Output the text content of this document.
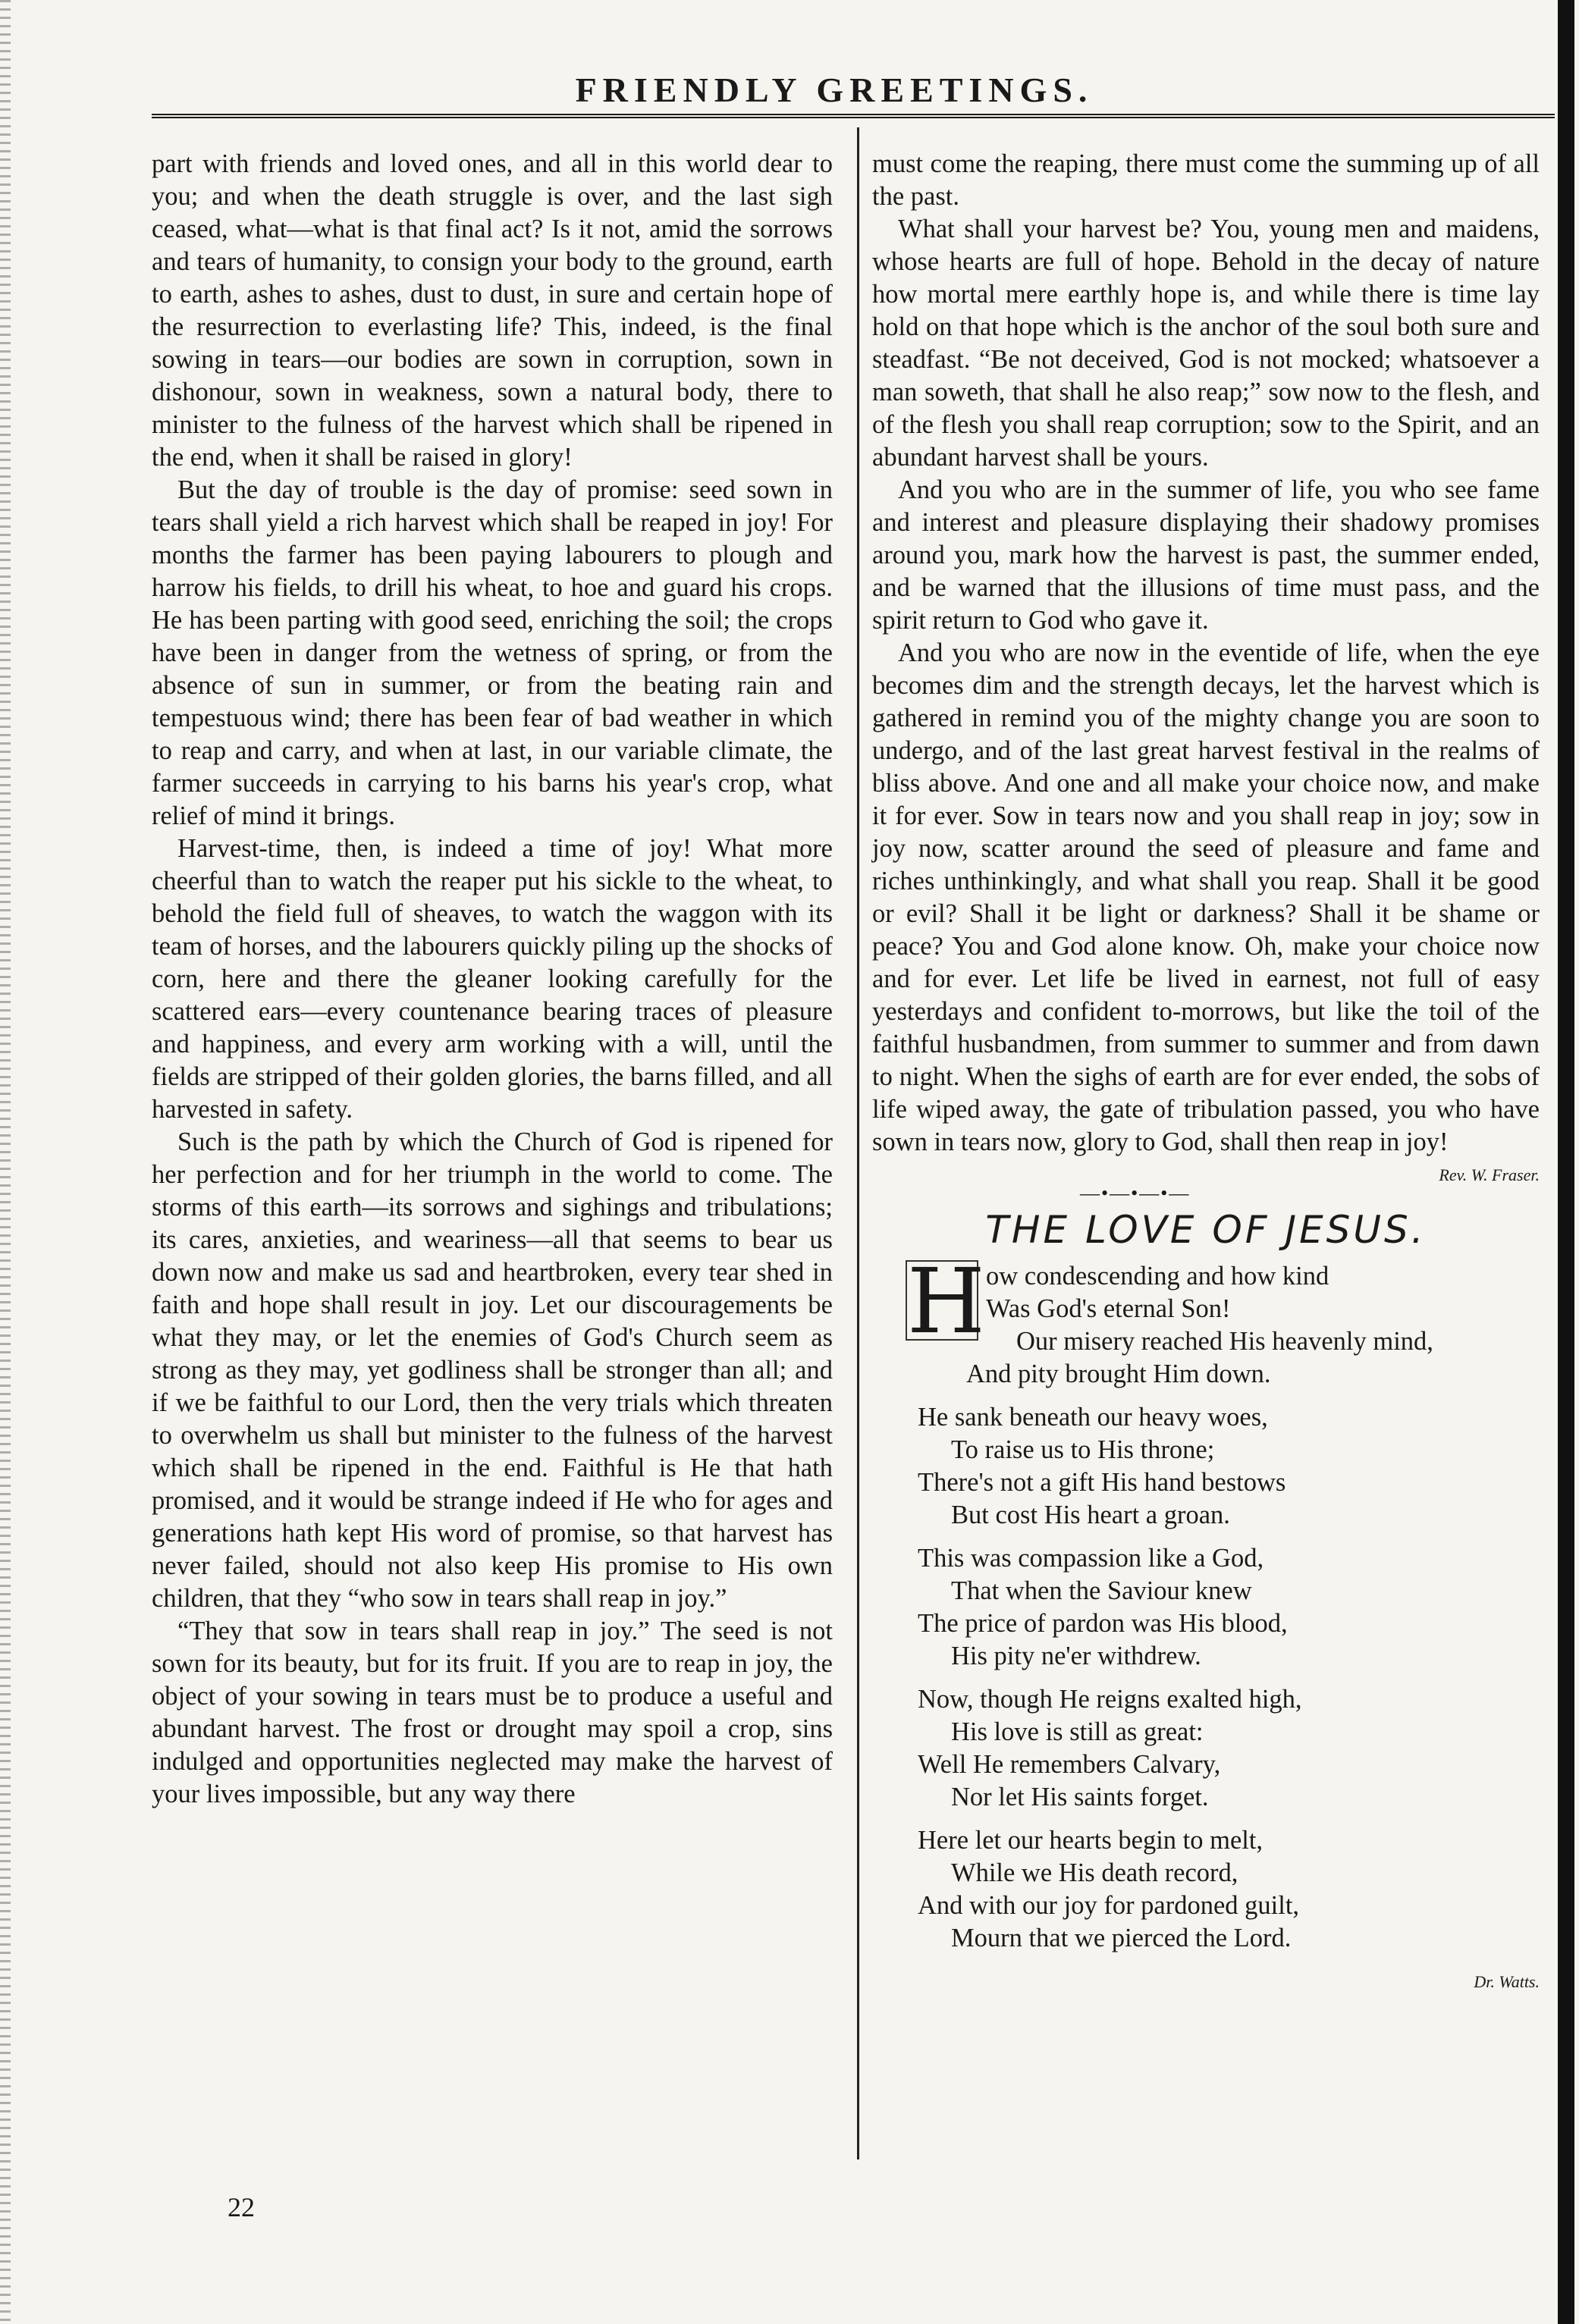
FRIENDLY GREETINGS.

part with friends and loved ones, and all in this world dear to you; and when the death struggle is over, and the last sigh ceased, what—what is that final act? Is it not, amid the sorrows and tears of humanity, to consign your body to the ground, earth to earth, ashes to ashes, dust to dust, in sure and certain hope of the resurrection to everlasting life? This, indeed, is the final sowing in tears—our bodies are sown in corruption, sown in dishonour, sown in weakness, sown a natural body, there to minister to the fulness of the harvest which shall be ripened in the end, when it shall be raised in glory!

But the day of trouble is the day of promise: seed sown in tears shall yield a rich harvest which shall be reaped in joy! For months the farmer has been paying labourers to plough and harrow his fields, to drill his wheat, to hoe and guard his crops. He has been parting with good seed, enriching the soil; the crops have been in danger from the wetness of spring, or from the absence of sun in summer, or from the beating rain and tempestuous wind; there has been fear of bad weather in which to reap and carry, and when at last, in our variable climate, the farmer succeeds in carrying to his barns his year's crop, what relief of mind it brings.

Harvest-time, then, is indeed a time of joy! What more cheerful than to watch the reaper put his sickle to the wheat, to behold the field full of sheaves, to watch the waggon with its team of horses, and the labourers quickly piling up the shocks of corn, here and there the gleaner looking carefully for the scattered ears—every countenance bearing traces of pleasure and happiness, and every arm working with a will, until the fields are stripped of their golden glories, the barns filled, and all harvested in safety.

Such is the path by which the Church of God is ripened for her perfection and for her triumph in the world to come. The storms of this earth—its sorrows and sighings and tribulations; its cares, anxieties, and weariness—all that seems to bear us down now and make us sad and heartbroken, every tear shed in faith and hope shall result in joy. Let our discouragements be what they may, or let the enemies of God's Church seem as strong as they may, yet godliness shall be stronger than all; and if we be faithful to our Lord, then the very trials which threaten to overwhelm us shall but minister to the fulness of the harvest which shall be ripened in the end. Faithful is He that hath promised, and it would be strange indeed if He who for ages and generations hath kept His word of promise, so that harvest has never failed, should not also keep His promise to His own children, that they “who sow in tears shall reap in joy.”

“They that sow in tears shall reap in joy.” The seed is not sown for its beauty, but for its fruit. If you are to reap in joy, the object of your sowing in tears must be to produce a useful and abundant harvest. The frost or drought may spoil a crop, sins indulged and opportunities neglected may make the harvest of your lives impossible, but any way there

must come the reaping, there must come the summing up of all the past.

What shall your harvest be? You, young men and maidens, whose hearts are full of hope. Behold in the decay of nature how mortal mere earthly hope is, and while there is time lay hold on that hope which is the anchor of the soul both sure and steadfast. “Be not deceived, God is not mocked; whatsoever a man soweth, that shall he also reap;” sow now to the flesh, and of the flesh you shall reap corruption; sow to the Spirit, and an abundant harvest shall be yours.

And you who are in the summer of life, you who see fame and interest and pleasure displaying their shadowy promises around you, mark how the harvest is past, the summer ended, and be warned that the illusions of time must pass, and the spirit return to God who gave it.

And you who are now in the eventide of life, when the eye becomes dim and the strength decays, let the harvest which is gathered in remind you of the mighty change you are soon to undergo, and of the last great harvest festival in the realms of bliss above. And one and all make your choice now, and make it for ever. Sow in tears now and you shall reap in joy; sow in joy now, scatter around the seed of pleasure and fame and riches unthinkingly, and what shall you reap. Shall it be good or evil? Shall it be light or darkness? Shall it be shame or peace? You and God alone know. Oh, make your choice now and for ever. Let life be lived in earnest, not full of easy yesterdays and confident to-morrows, but like the toil of the faithful husbandmen, from summer to summer and from dawn to night. When the sighs of earth are for ever ended, the sobs of life wiped away, the gate of tribulation passed, you who have sown in tears now, glory to God, shall then reap in joy!
Rev. W. Fraser.

—•—•—•—
THE LOVE OF JESUS.
H ow condescending and how kind
Was God's eternal Son!
Our misery reached His heavenly mind,
And pity brought Him down.
He sank beneath our heavy woes,
To raise us to His throne;
There's not a gift His hand bestows
But cost His heart a groan.
This was compassion like a God,
That when the Saviour knew
The price of pardon was His blood,
His pity ne'er withdrew.
Now, though He reigns exalted high,
His love is still as great:
Well He remembers Calvary,
Nor let His saints forget.
Here let our hearts begin to melt,
While we His death record,
And with our joy for pardoned guilt,
Mourn that we pierced the Lord.
Dr. Watts.
22
